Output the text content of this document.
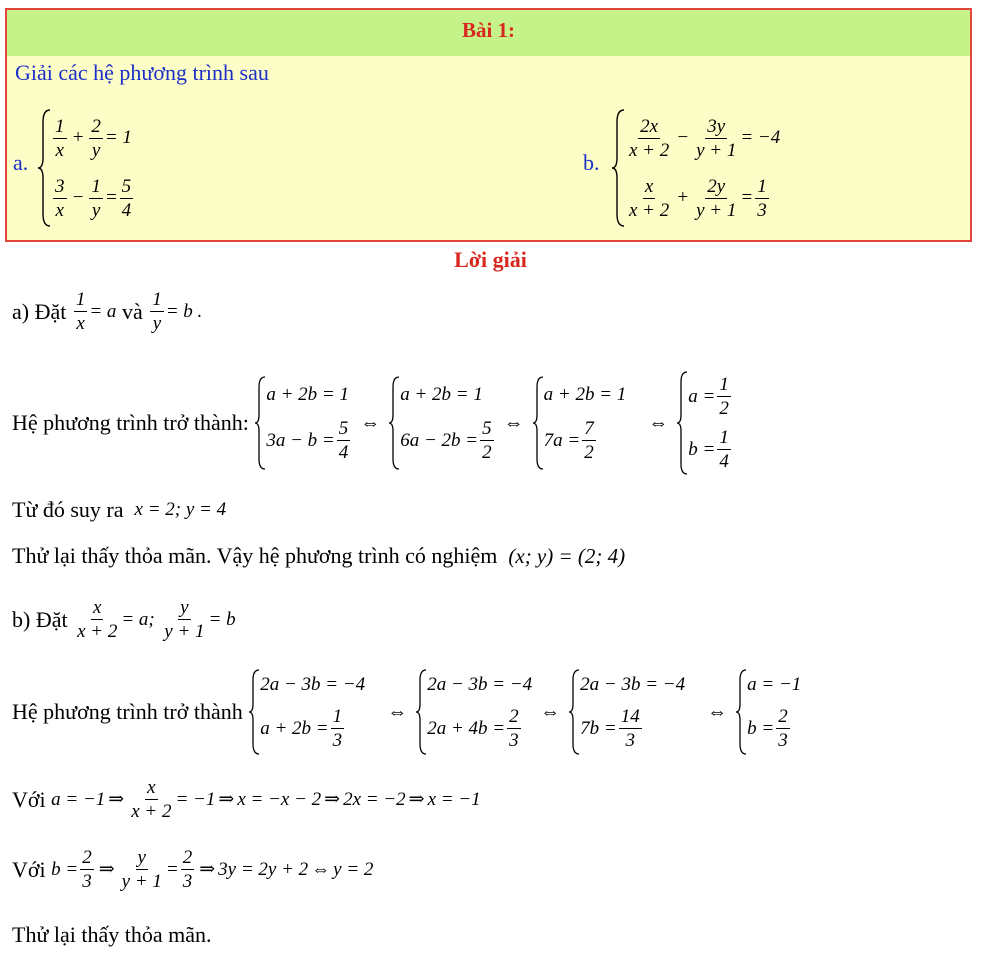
Bài 1:
Giải các hệ phương trình sau
a.
$\frac{1}{x} + \frac{2}{y} = 1$
$\frac{3}{x} - \frac{1}{y} = \frac{5}{4}$
b.
$\frac{2x}{x + 2} - \frac{3y}{y + 1} = -4$
$\frac{x}{x + 2} + \frac{2y}{y + 1} = \frac{1}{3}$
Lời giải
a) Đặt
$\frac{1}{x} = a$
và
$\frac{1}{y} = b$ .
Hệ phương trình trở thành:

a + 2b = 1
$3a - b = \frac{5}{4}$ ⇔
a + 2b = 1
$6a - 2b = \frac{5}{2}$ ⇔
a + 2b = 1
$7a = \frac{7}{2}$	⇔
$a = \frac{1}{2}$
$b = \frac{1}{4}$
Từ đó suy ra
x = 2; y = 4
Thử lại thấy thỏa mãn. Vậy hệ phương trình có nghiệm
(x; y) = (2; 4)
b) Đặt
$\frac{x}{x + 2} = a$;
$\frac{y}{y + 1} = b$
Hệ phương trình trở thành

2a − 3b = −4
$a + 2b = \frac{1}{3}$ ⇔
2a − 3b = −4
$2a + 4b = \frac{2}{3}$ ⇔
2a − 3b = −4
$7b = \frac{14}{3}$	⇔
a = −1
$b = \frac{2}{3}$
Với
a = −1 ⇒ $\frac{x}{x + 2} = -1$ ⇒ x = −x − 2 ⇒ 2x = −2 ⇒ x = −1
Với
$b = \frac{2}{3}$ ⇒ $\frac{y}{y + 1} = \frac{2}{3}$ ⇒ 3y = 2y + 2 ⇔ y = 2
Thử lại thấy thỏa mãn.
